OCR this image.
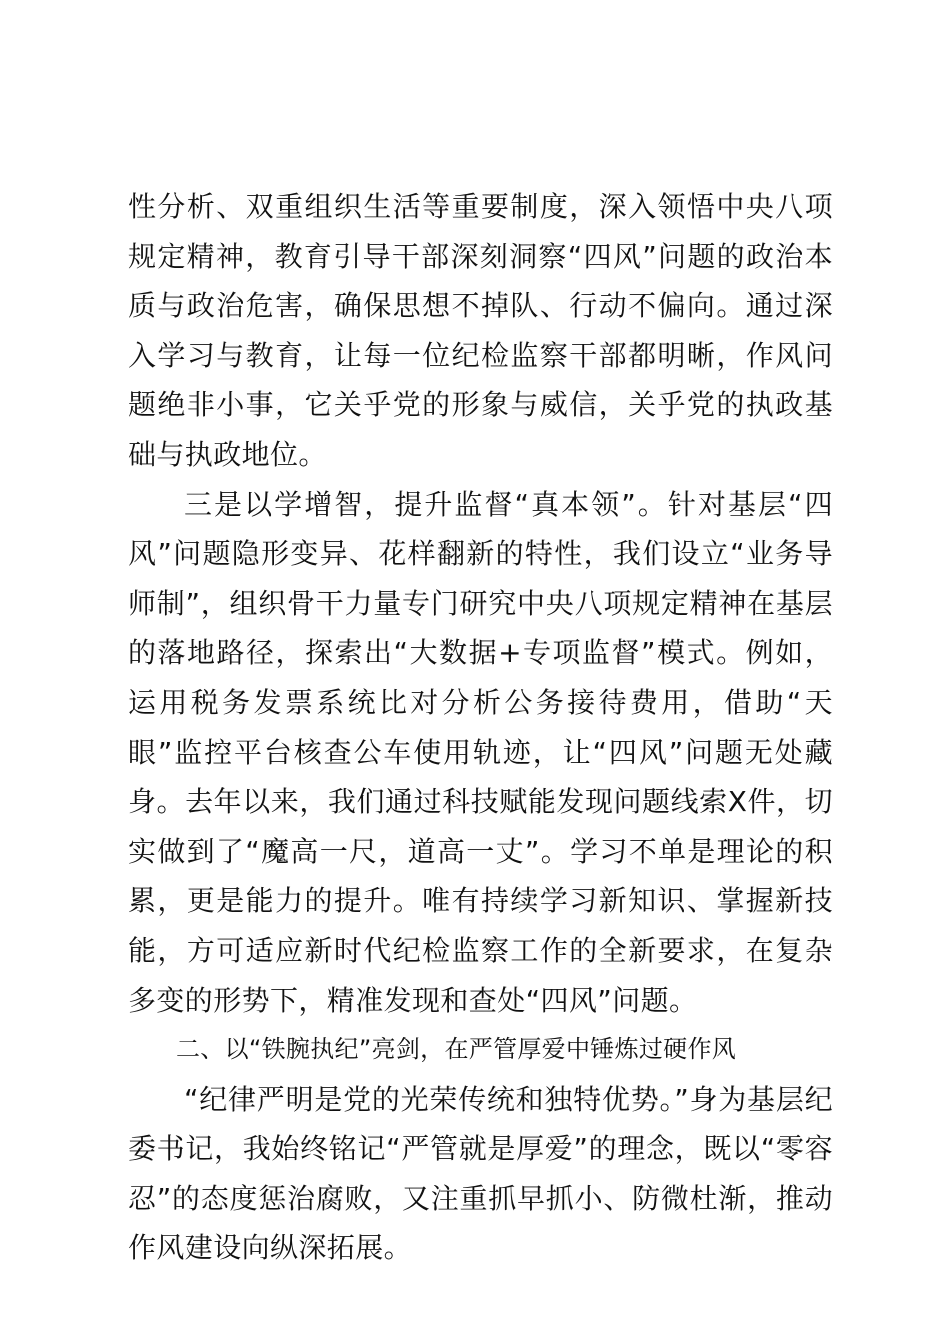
性分析、双重组织生活等重要制度，深入领悟中央八项规定精神，教育引导干部深刻洞察“四风”问题的政治本质与政治危害，确保思想不掉队、行动不偏向。通过深入学习与教育，让每一位纪检监察干部都明晰，作风问题绝非小事，它关乎党的形象与威信，关乎党的执政基础与执政地位。

三是以学增智，提升监督“真本领”。针对基层“四风”问题隐形变异、花样翻新的特性，我们设立“业务导师制”，组织骨干力量专门研究中央八项规定精神在基层的落地路径，探索出“大数据+专项监督”模式。例如，运用税务发票系统比对分析公务接待费用，借助“天眼”监控平台核查公车使用轨迹，让“四风”问题无处藏身。去年以来，我们通过科技赋能发现问题线索X件，切实做到了“魔高一尺，道高一丈”。学习不单是理论的积累，更是能力的提升。唯有持续学习新知识、掌握新技能，方可适应新时代纪检监察工作的全新要求，在复杂多变的形势下，精准发现和查处“四风”问题。

二、以“铁腕执纪”亮剑，在严管厚爱中锤炼过硬作风

“纪律严明是党的光荣传统和独特优势。”身为基层纪委书记，我始终铭记“严管就是厚爱”的理念，既以“零容忍”的态度惩治腐败，又注重抓早抓小、防微杜渐，推动作风建设向纵深拓展。
